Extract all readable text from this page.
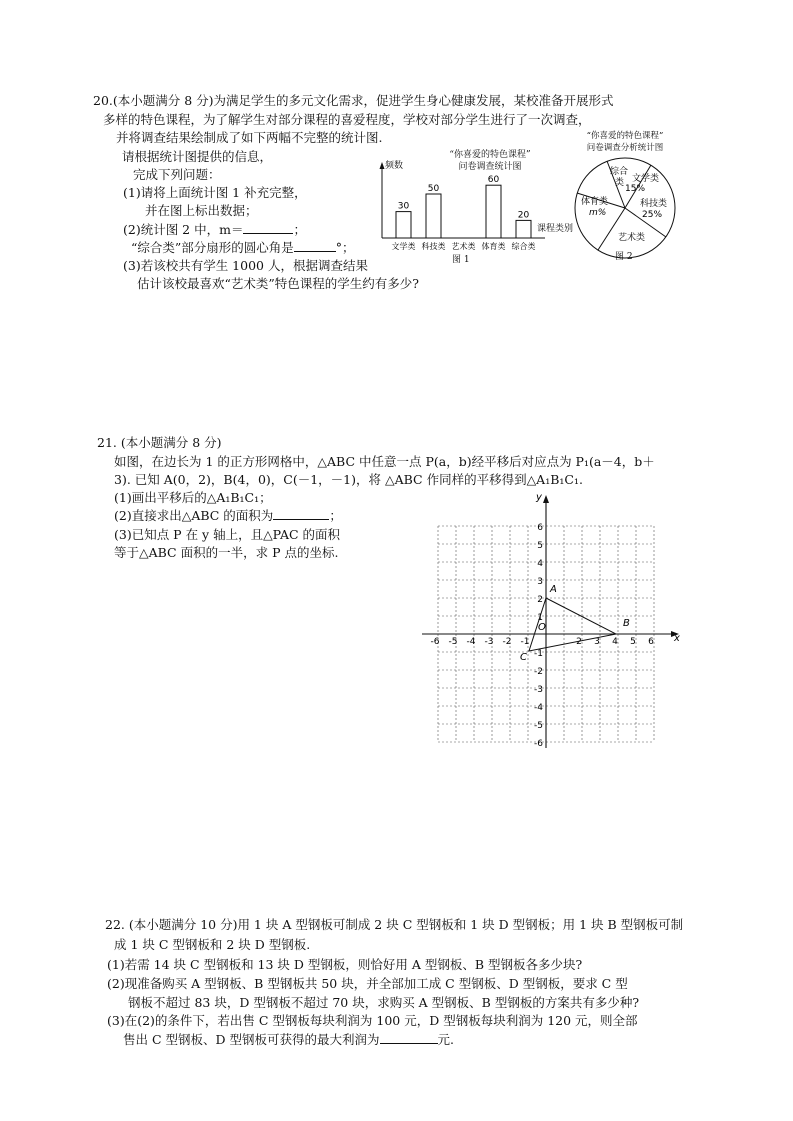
20.(本小题满分 8 分)为满足学生的多元文化需求，促进学生身心健康发展，某校准备开展形式
多样的特色课程，为了解学生对部分课程的喜爱程度，学校对部分学生进行了一次调查，
并将调查结果绘制成了如下两幅不完整的统计图.
请根据统计图提供的信息，
完成下列问题：
(1)请将上面统计图 1 补充完整，
并在图上标出数据；
(2)统计图 2 中，m＝	；
“综合类”部分扇形的圆心角是	°；
(3)若该校共有学生 1000 人，根据调查结果
估计该校最喜欢“艺术类”特色课程的学生约有多少?
“你喜爱的特色课程”
问卷调查统计图
频数
30
文学类
50
科技类 艺术类
60
体育类
20
综合类
课程类别
图 1
“你喜爱的特色课程”
问卷调查分析统计图
综合
类 文学类
15%
科技类
25%
艺术类
体育类
m%
图 2
21. (本小题满分 8 分)
如图，在边长为 1 的正方形网格中，△ABC 中任意一点 P(a，b)经平移后对应点为 P₁(a－4，b＋
3). 已知 A(0，2)，B(4，0)，C(－1，－1)，将 △ABC 作同样的平移得到△A₁B₁C₁.
(1)画出平移后的△A₁B₁C₁；
(2)直接求出△ABC 的面积为	；
(3)已知点 P 在 y 轴上，且△PAC 的面积
等于△ABC 面积的一半，求 P 点的坐标.
x
y
O
-6 -5 -4 -3 -2 -1	2 3 4 5 6
6
5
4
3
2
1
-1
-2
-3
-4
-5
-6
A
B
C
22. (本小题满分 10 分)用 1 块 A 型钢板可制成 2 块 C 型钢板和 1 块 D 型钢板；用 1 块 B 型钢板可制
成 1 块 C 型钢板和 2 块 D 型钢板.
(1)若需 14 块 C 型钢板和 13 块 D 型钢板，则恰好用 A 型钢板、B 型钢板各多少块?
(2)现准备购买 A 型钢板、B 型钢板共 50 块，并全部加工成 C 型钢板、D 型钢板，要求 C 型
钢板不超过 83 块，D 型钢板不超过 70 块，求购买 A 型钢板、B 型钢板的方案共有多少种?
(3)在(2)的条件下，若出售 C 型钢板每块利润为 100 元，D 型钢板每块利润为 120 元，则全部
售出 C 型钢板、D 型钢板可获得的最大利润为	元.
